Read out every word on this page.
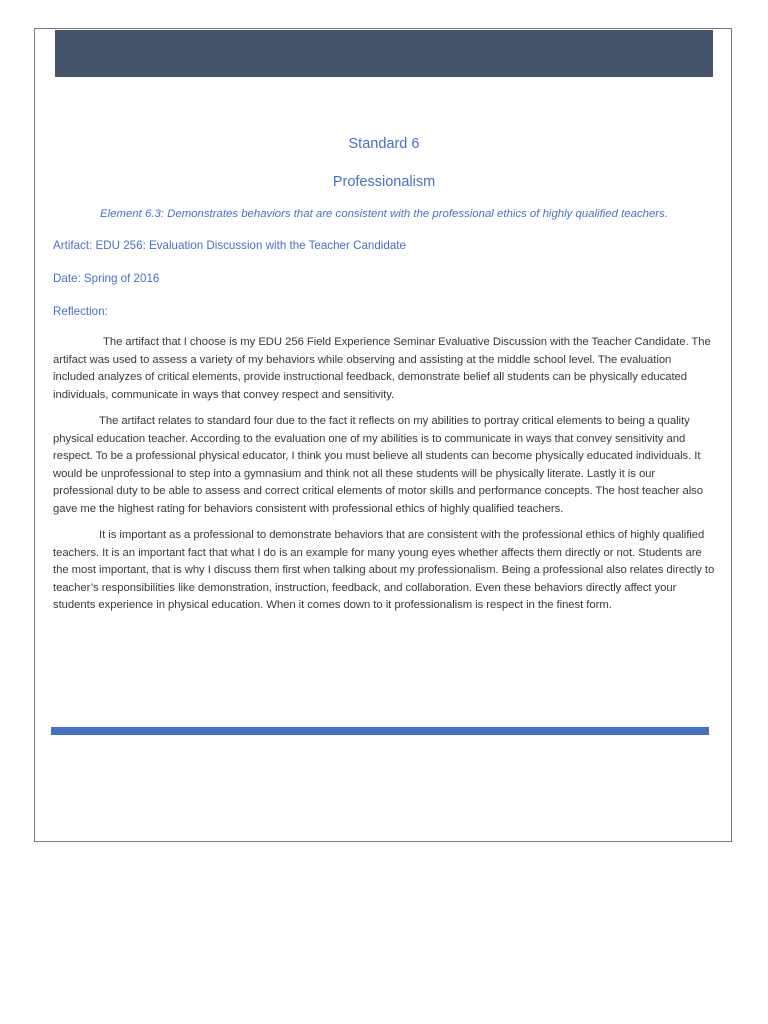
Standard 6

Professionalism

Element 6.3: Demonstrates behaviors that are consistent with the professional ethics of highly qualified teachers.

Artifact: EDU 256: Evaluation Discussion with the Teacher Candidate

Date: Spring of 2016

Reflection:

The artifact that I choose is my EDU 256 Field Experience Seminar Evaluative Discussion with the Teacher Candidate. The artifact was used to assess a variety of my behaviors while observing and assisting at the middle school level. The evaluation included analyzes of critical elements, provide instructional feedback, demonstrate belief all students can be physically educated individuals, communicate in ways that convey respect and sensitivity.

The artifact relates to standard four due to the fact it reflects on my abilities to portray critical elements to being a quality physical education teacher. According to the evaluation one of my abilities is to communicate in ways that convey sensitivity and respect. To be a professional physical educator, I think you must believe all students can become physically educated individuals. It would be unprofessional to step into a gymnasium and think not all these students will be physically literate. Lastly it is our professional duty to be able to assess and correct critical elements of motor skills and performance concepts. The host teacher also gave me the highest rating for behaviors consistent with professional ethics of highly qualified teachers.

It is important as a professional to demonstrate behaviors that are consistent with the professional ethics of highly qualified teachers. It is an important fact that what I do is an example for many young eyes whether affects them directly or not. Students are the most important, that is why I discuss them first when talking about my professionalism. Being a professional also relates directly to teacher’s responsibilities like demonstration, instruction, feedback, and collaboration. Even these behaviors directly affect your students experience in physical education. When it comes down to it professionalism is respect in the finest form.
